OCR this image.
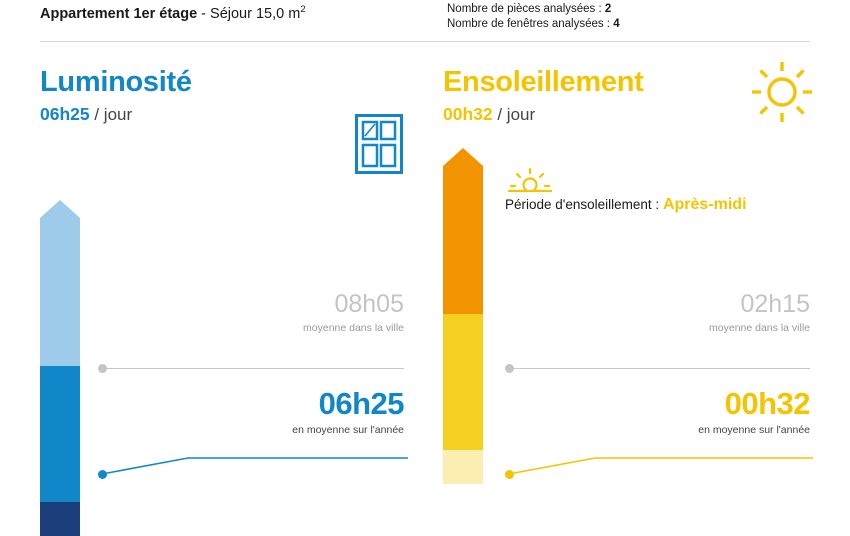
Appartement 1er étage - Séjour 15,0 $m^2$	Nombre de pièces analysées : 2
Nombre de fenêtres analysées : 4
Luminosité
06h25 / jour
08h05
moyenne dans la ville
06h25
en moyenne sur l'année
Ensoleillement
00h32 / jour
Période d'ensoleillement : Après-midi
02h15
moyenne dans la ville
00h32
en moyenne sur l'année
